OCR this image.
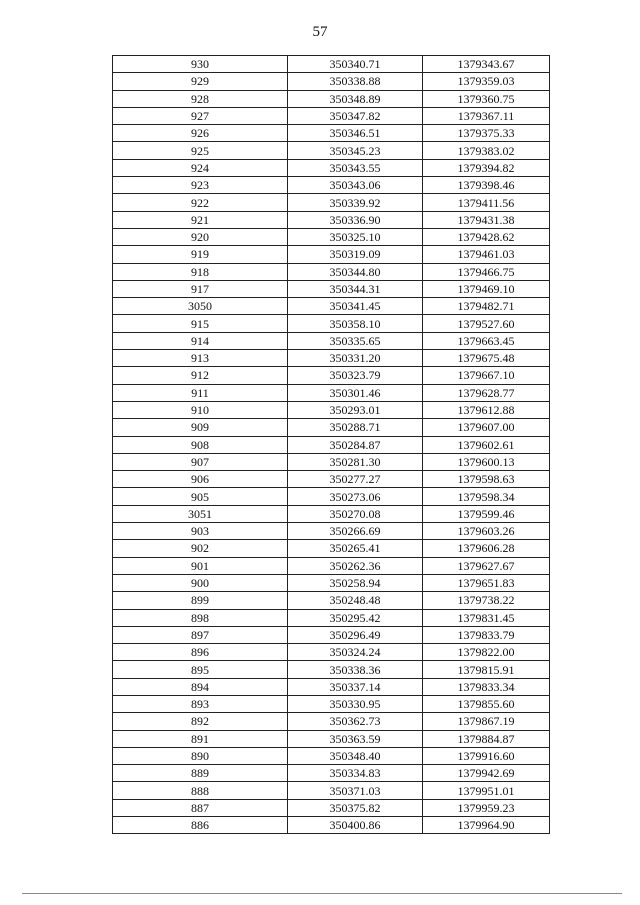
57
930	350340.71	1379343.67
929	350338.88	1379359.03
928	350348.89	1379360.75
927	350347.82	1379367.11
926	350346.51	1379375.33
925	350345.23	1379383.02
924	350343.55	1379394.82
923	350343.06	1379398.46
922	350339.92	1379411.56
921	350336.90	1379431.38
920	350325.10	1379428.62
919	350319.09	1379461.03
918	350344.80	1379466.75
917	350344.31	1379469.10
3050	350341.45	1379482.71
915	350358.10	1379527.60
914	350335.65	1379663.45
913	350331.20	1379675.48
912	350323.79	1379667.10
911	350301.46	1379628.77
910	350293.01	1379612.88
909	350288.71	1379607.00
908	350284.87	1379602.61
907	350281.30	1379600.13
906	350277.27	1379598.63
905	350273.06	1379598.34
3051	350270.08	1379599.46
903	350266.69	1379603.26
902	350265.41	1379606.28
901	350262.36	1379627.67
900	350258.94	1379651.83
899	350248.48	1379738.22
898	350295.42	1379831.45
897	350296.49	1379833.79
896	350324.24	1379822.00
895	350338.36	1379815.91
894	350337.14	1379833.34
893	350330.95	1379855.60
892	350362.73	1379867.19
891	350363.59	1379884.87
890	350348.40	1379916.60
889	350334.83	1379942.69
888	350371.03	1379951.01
887	350375.82	1379959.23
886	350400.86	1379964.90
